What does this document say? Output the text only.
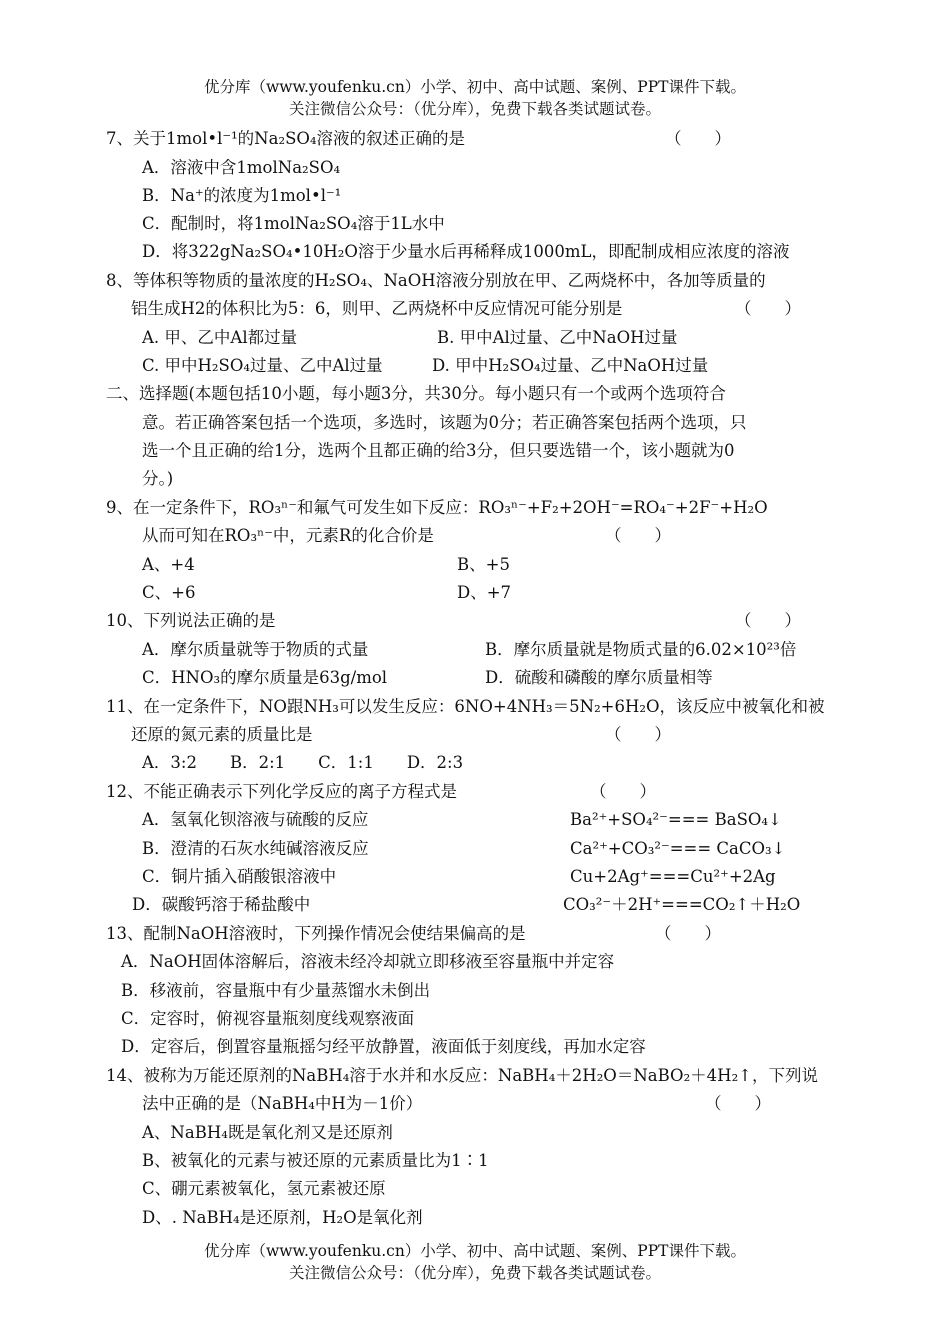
优分库（www.youfenku.cn）小学、初中、高中试题、案例、PPT课件下载。
关注微信公众号：（优分库），免费下载各类试题试卷。
7、关于1mol•l⁻¹的Na₂SO₄溶液的叙述正确的是	（　　）
A．溶液中含1molNa₂SO₄
B．Na⁺的浓度为1mol•l⁻¹
C．配制时，将1molNa₂SO₄溶于1L水中
D．将322gNa₂SO₄•10H₂O溶于少量水后再稀释成1000mL，即配制成相应浓度的溶液
8、等体积等物质的量浓度的H₂SO₄、NaOH溶液分别放在甲、乙两烧杯中，各加等质量的
铝生成H2的体积比为5：6，则甲、乙两烧杯中反应情况可能分别是	（　　）
A. 甲、乙中Al都过量	B. 甲中Al过量、乙中NaOH过量
C. 甲中H₂SO₄过量、乙中Al过量	D. 甲中H₂SO₄过量、乙中NaOH过量
二、选择题(本题包括10小题，每小题3分，共30分。每小题只有一个或两个选项符合
意。若正确答案包括一个选项，多选时，该题为0分；若正确答案包括两个选项，只
选一个且正确的给1分，选两个且都正确的给3分，但只要选错一个，该小题就为0
分。)
9、在一定条件下，RO₃ⁿ⁻和氟气可发生如下反应：RO₃ⁿ⁻+F₂+2OH⁻=RO₄⁻+2F⁻+H₂O
从而可知在RO₃ⁿ⁻中，元素R的化合价是	（　　）
A、+4	B、+5
C、+6	D、+7
10、下列说法正确的是	（　　）
A．摩尔质量就等于物质的式量	B．摩尔质量就是物质式量的6.02×10²³倍
C．HNO₃的摩尔质量是63g/mol	D．硫酸和磷酸的摩尔质量相等
11、在一定条件下，NO跟NH₃可以发生反应：6NO+4NH₃＝5N₂+6H₂O，该反应中被氧化和被
还原的氮元素的质量比是	（　　）
A．3:2　　B．2:1　　C．1:1　　D．2:3
12、不能正确表示下列化学反应的离子方程式是	（　　）
A．氢氧化钡溶液与硫酸的反应	Ba²⁺+SO₄²⁻=== BaSO₄↓
B．澄清的石灰水纯碱溶液反应	Ca²⁺+CO₃²⁻=== CaCO₃↓
C．铜片插入硝酸银溶液中	Cu+2Ag⁺===Cu²⁺+2Ag
D．碳酸钙溶于稀盐酸中	CO₃²⁻＋2H⁺===CO₂↑＋H₂O
13、配制NaOH溶液时，下列操作情况会使结果偏高的是	（　　）
A．NaOH固体溶解后，溶液未经冷却就立即移液至容量瓶中并定容
B．移液前，容量瓶中有少量蒸馏水未倒出
C．定容时，俯视容量瓶刻度线观察液面
D．定容后，倒置容量瓶摇匀经平放静置，液面低于刻度线，再加水定容
14、被称为万能还原剂的NaBH₄溶于水并和水反应：NaBH₄＋2H₂O＝NaBO₂＋4H₂↑，下列说
法中正确的是（NaBH₄中H为－1价）	（　　）
A、NaBH₄既是氧化剂又是还原剂
B、被氧化的元素与被还原的元素质量比为1∶1
C、硼元素被氧化，氢元素被还原
D、. NaBH₄是还原剂，H₂O是氧化剂
优分库（www.youfenku.cn）小学、初中、高中试题、案例、PPT课件下载。
关注微信公众号：（优分库），免费下载各类试题试卷。
